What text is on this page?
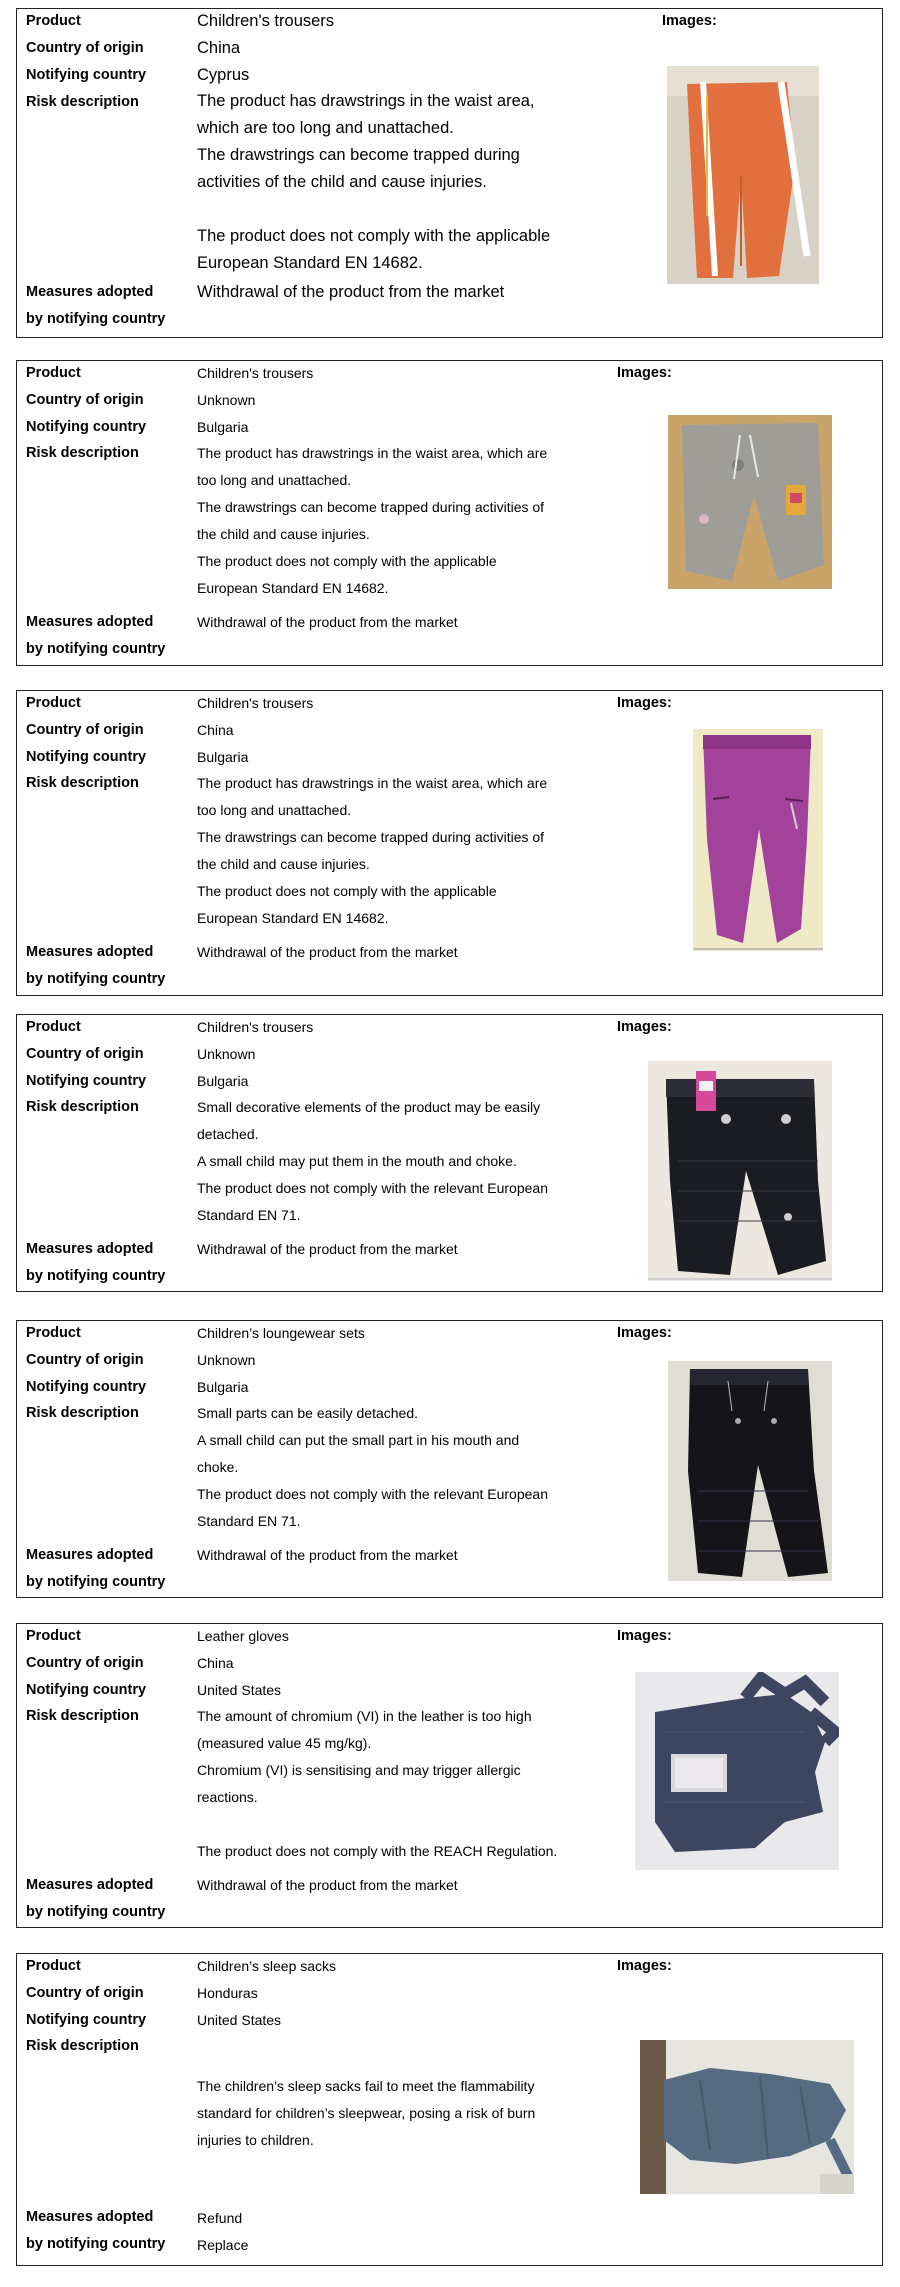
Product
Country of origin
Notifying country
Risk description
Measures adopted
by notifying country
Children's trousers
China
Cyprus

The product has drawstrings in the waist area,

which are too long and unattached.

The drawstrings can become trapped during

activities of the child and cause injuries.

The product does not comply with the applicable

European Standard EN 14682.

Withdrawal of the product from the market
Images:
Product
Country of origin
Notifying country
Risk description
Measures adopted
by notifying country
Children's trousers
Unknown
Bulgaria

The product has drawstrings in the waist area, which are

too long and unattached.

The drawstrings can become trapped during activities of

the child and cause injuries.

The product does not comply with the applicable

European Standard EN 14682.

Withdrawal of the product from the market
Images:
Product
Country of origin
Notifying country
Risk description
Measures adopted
by notifying country
Children's trousers
China
Bulgaria

The product has drawstrings in the waist area, which are

too long and unattached.

The drawstrings can become trapped during activities of

the child and cause injuries.

The product does not comply with the applicable

European Standard EN 14682.

Withdrawal of the product from the market
Images:
Product
Country of origin
Notifying country
Risk description
Measures adopted
by notifying country
Children's trousers
Unknown
Bulgaria

Small decorative elements of the product may be easily

detached.

A small child may put them in the mouth and choke.

The product does not comply with the relevant European

Standard EN 71.

Withdrawal of the product from the market
Images:
Product
Country of origin
Notifying country
Risk description
Measures adopted
by notifying country
Children’s loungewear sets
Unknown
Bulgaria

Small parts can be easily detached.

A small child can put the small part in his mouth and

choke.

The product does not comply with the relevant European

Standard EN 71.

Withdrawal of the product from the market
Images:
Product
Country of origin
Notifying country
Risk description
Measures adopted
by notifying country
Leather gloves
China
United States

The amount of chromium (VI) in the leather is too high

(measured value 45 mg/kg).

Chromium (VI) is sensitising and may trigger allergic

reactions.

The product does not comply with the REACH Regulation.

Withdrawal of the product from the market
Images:
Product
Country of origin
Notifying country
Risk description
Measures adopted
by notifying country
Children’s sleep sacks
Honduras
United States

The children’s sleep sacks fail to meet the flammability

standard for children’s sleepwear, posing a risk of burn

injuries to children.

Refund
Replace
Images:
